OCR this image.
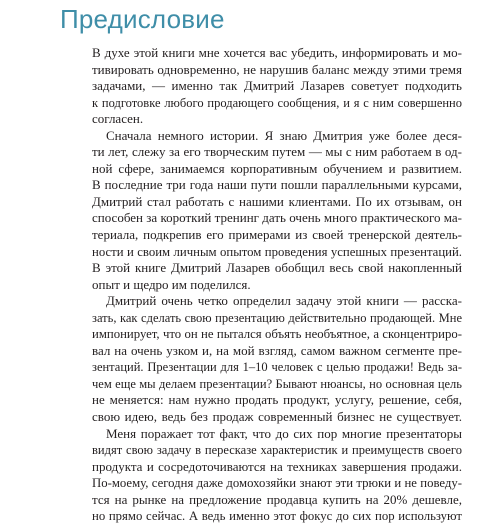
Предисловие

В духе этой книги мне хочется вас убедить, информировать и мо-
тивировать одновременно, не нарушив баланс между этими тремя
задачами, — именно так Дмитрий Лазарев советует подходить
к подготовке любого продающего сообщения, и я с ним совершенно
согласен.

Сначала немного истории. Я знаю Дмитрия уже более деся-
ти лет, слежу за его творческим путем — мы с ним работаем в од-
ной сфере, занимаемся корпоративным обучением и развитием.
В последние три года наши пути пошли параллельными курсами,
Дмитрий стал работать с нашими клиентами. По их отзывам, он
способен за короткий тренинг дать очень много практического ма-
териала, подкрепив его примерами из своей тренерской деятель-
ности и своим личным опытом проведения успешных презентаций.
В этой книге Дмитрий Лазарев обобщил весь свой накопленный
опыт и щедро им поделился.

Дмитрий очень четко определил задачу этой книги — расска-
зать, как сделать свою презентацию действительно продающей. Мне
импонирует, что он не пытался объять необъятное, а сконцентриро-
вал на очень узком и, на мой взгляд, самом важном сегменте пре-
зентаций. Презентации для 1–10 человек с целью продажи! Ведь за-
чем еще мы делаем презентации? Бывают нюансы, но основная цель
не меняется: нам нужно продать продукт, услугу, решение, себя,
свою идею, ведь без продаж современный бизнес не существует.

Меня поражает тот факт, что до сих пор многие презентаторы
видят свою задачу в пересказе характеристик и преимуществ своего
продукта и сосредоточиваются на техниках завершения продажи.
По-моему, сегодня даже домохозяйки знают эти трюки и не поведу-
тся на рынке на предложение продавца купить на 20% дешевле,
но прямо сейчас. А ведь именно этот фокус до сих пор используют
